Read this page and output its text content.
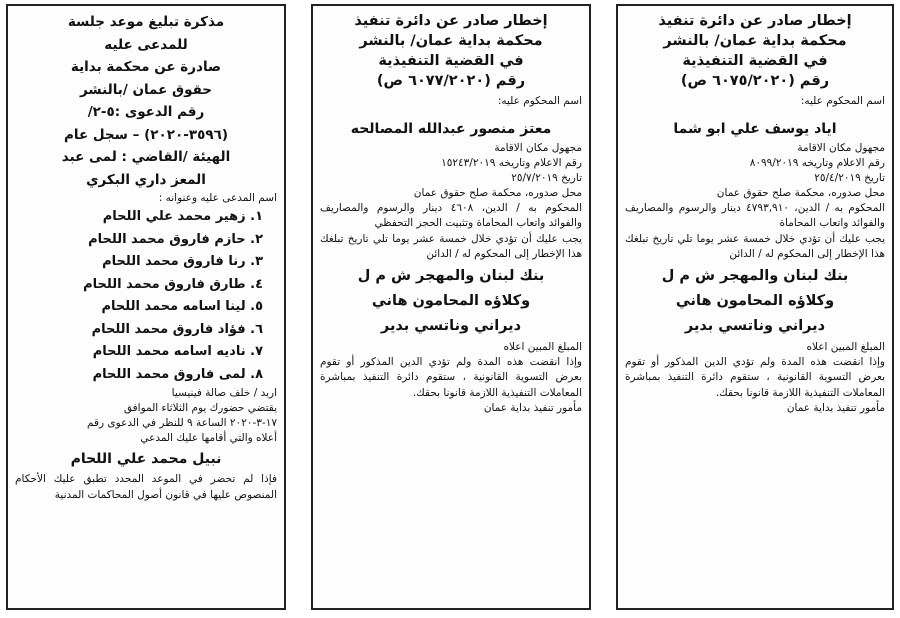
إخطار صادر عن دائرة تنفيذ

محكمة بداية عمان/ بالنشر

في القضية التنفيذية

رقم (٦٠٧٥/٢٠٢٠ ص)

اسم المحكوم عليه:

اياد يوسف علي ابو شما

مجهول مكان الاقامة

رقم الاعلام وتاريخه ٨٠٩٩/٢٠١٩

تاريخ ٢٥/٤/٢٠١٩

محل صدوره، محكمة صلح حقوق عمان

المحكوم به / الدين، ٤٧٩٣,٩١٠ دينار والرسوم والمصاريف والفوائد واتعاب المحاماة

يجب عليك أن تؤدي خلال خمسة عشر يوما تلي تاريخ تبلغك هذا الإخطار إلى المحكوم له / الدائن

بنك لبنان والمهجر ش م ل

وكلاؤه المحامون هاني

ديراني وناتسي بدير

المبلغ المبين اعلاه

وإذا انقضت هذه المدة ولم تؤدي الدين المذكور أو تقوم بعرض التسوية القانونية ، ستقوم دائرة التنفيذ بمباشرة المعاملات التنفيذية اللازمة قانونا بحقك.

مأمور تنفيذ بداية عمان

إخطار صادر عن دائرة تنفيذ

محكمة بداية عمان/ بالنشر

في القضية التنفيذية

رقم (٦٠٧٧/٢٠٢٠ ص)

اسم المحكوم عليه:

معتز منصور عبدالله المصالحه

مجهول مكان الاقامة

رقم الاعلام وتاريخه ١٥٢٤٣/٢٠١٩

تاريخ ٢٥/٧/٢٠١٩

محل صدوره، محكمة صلح حقوق عمان

المحكوم به / الدين، ٤٦٠٨ دينار والرسوم والمصاريف والفوائد واتعاب المحاماة وتثبيت الحجز التحفظي

يجب عليك أن تؤدي خلال خمسة عشر يوما تلي تاريخ تبلغك هذا الإخطار إلى المحكوم له / الدائن

بنك لبنان والمهجر ش م ل

وكلاؤه المحامون هاني

ديراني وناتسي بدير

المبلغ المبين اعلاه

وإذا انقضت هذه المدة ولم تؤدي الدين المذكور أو تقوم بعرض التسوية القانونية ، ستقوم دائرة التنفيذ بمباشرة المعاملات التنفيذية اللازمة قانونا بحقك.

مأمور تنفيذ بداية عمان

مذكرة تبليغ موعد جلسة

للمدعى عليه

صادرة عن محكمة بداية

حقوق عمان /بالنشر

رقم الدعوى :٥-٢/

(٣٥٩٦-٢٠٢٠) – سجل عام

الهيئة /القاضي : لمى عبد

المعز داري البكري

اسم المدعى عليه وعنوانه :

١. زهير محمد علي اللحام

٢. حازم فاروق محمد اللحام

٣. رنا فاروق محمد اللحام

٤. طارق فاروق محمد اللحام

٥. لينا اسامه محمد اللحام

٦. فؤاد فاروق محمد اللحام

٧. ناديه اسامه محمد اللحام

٨. لمى فاروق محمد اللحام

اربد / خلف صالة فينيسيا

يقتضي حضورك يوم الثلاثاء الموافق

١٧-٣-٢٠٢٠ الساعة ٩ للنظر في الدعوى رقم

أعلاه والتي أقامها عليك المدعي

نبيل محمد علي اللحام

فإذا لم تحضر في الموعد المحدد تطبق عليك الأحكام المنصوص عليها في قانون أصول المحاكمات المدنية
